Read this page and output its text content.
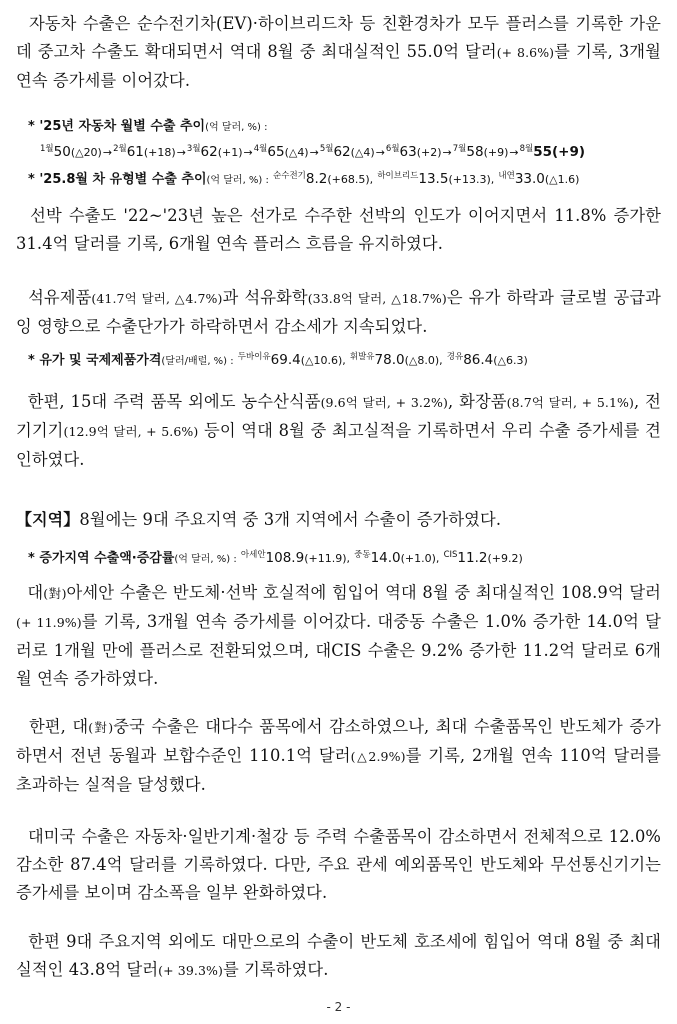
자동차 수출은 순수전기차(EV)·하이브리드차 등 친환경차가 모두 플러스를 기록한 가운데 중고차 수출도 확대되면서 역대 8월 중 최대실적인 55.0억 달러(+ 8.6%)를 기록, 3개월 연속 증가세를 이어갔다.

* '25년 자동차 월별 수출 추이(억 달러, %) :
$^{1월}$50(△20)→$^{2월}$61(+18)→$^{3월}$62(+1)→$^{4월}$65(△4)→$^{5월}$62(△4)→$^{6월}$63(+2)→$^{7월}$58(+9)→$^{8월}$55(+9)
* '25.8월 차 유형별 수출 추이(억 달러, %) : $^{순수전기}$8.2(+68.5), $^{하이브리드}$13.5(+13.3), $^{내연}$33.0(△1.6)

선박 수출도 '22~'23년 높은 선가로 수주한 선박의 인도가 이어지면서 11.8% 증가한 31.4억 달러를 기록, 6개월 연속 플러스 흐름을 유지하였다.

석유제품(41.7억 달러, △4.7%)과 석유화학(33.8억 달러, △18.7%)은 유가 하락과 글로벌 공급과잉 영향으로 수출단가가 하락하면서 감소세가 지속되었다.

* 유가 및 국제제품가격(달러/배럴, %) : $^{두바이유}$69.4(△10.6), $^{휘발유}$78.0(△8.0), $^{경유}$86.4(△6.3)

한편, 15대 주력 품목 외에도 농수산식품(9.6억 달러, + 3.2%), 화장품(8.7억 달러, + 5.1%), 전기기기(12.9억 달러, + 5.6%) 등이 역대 8월 중 최고실적을 기록하면서 우리 수출 증가세를 견인하였다.

【지역】8월에는 9대 주요지역 중 3개 지역에서 수출이 증가하였다.

* 증가지역 수출액·증감률(억 달러, %) : $^{아세안}$108.9(+11.9), $^{중동}$14.0(+1.0), $^{CIS}$11.2(+9.2)

대(對)아세안 수출은 반도체·선박 호실적에 힘입어 역대 8월 중 최대실적인 108.9억 달러(+ 11.9%)를 기록, 3개월 연속 증가세를 이어갔다. 대중동 수출은 1.0% 증가한 14.0억 달러로 1개월 만에 플러스로 전환되었으며, 대CIS 수출은 9.2% 증가한 11.2억 달러로 6개월 연속 증가하였다.

한편, 대(對)중국 수출은 대다수 품목에서 감소하였으나, 최대 수출품목인 반도체가 증가하면서 전년 동월과 보합수준인 110.1억 달러(△2.9%)를 기록, 2개월 연속 110억 달러를 초과하는 실적을 달성했다.

대미국 수출은 자동차·일반기계·철강 등 주력 수출품목이 감소하면서 전체적으로 12.0% 감소한 87.4억 달러를 기록하였다. 다만, 주요 관세 예외품목인 반도체와 무선통신기기는 증가세를 보이며 감소폭을 일부 완화하였다.

한편 9대 주요지역 외에도 대만으로의 수출이 반도체 호조세에 힘입어 역대 8월 중 최대실적인 43.8억 달러(+ 39.3%)를 기록하였다.

- 2 -
